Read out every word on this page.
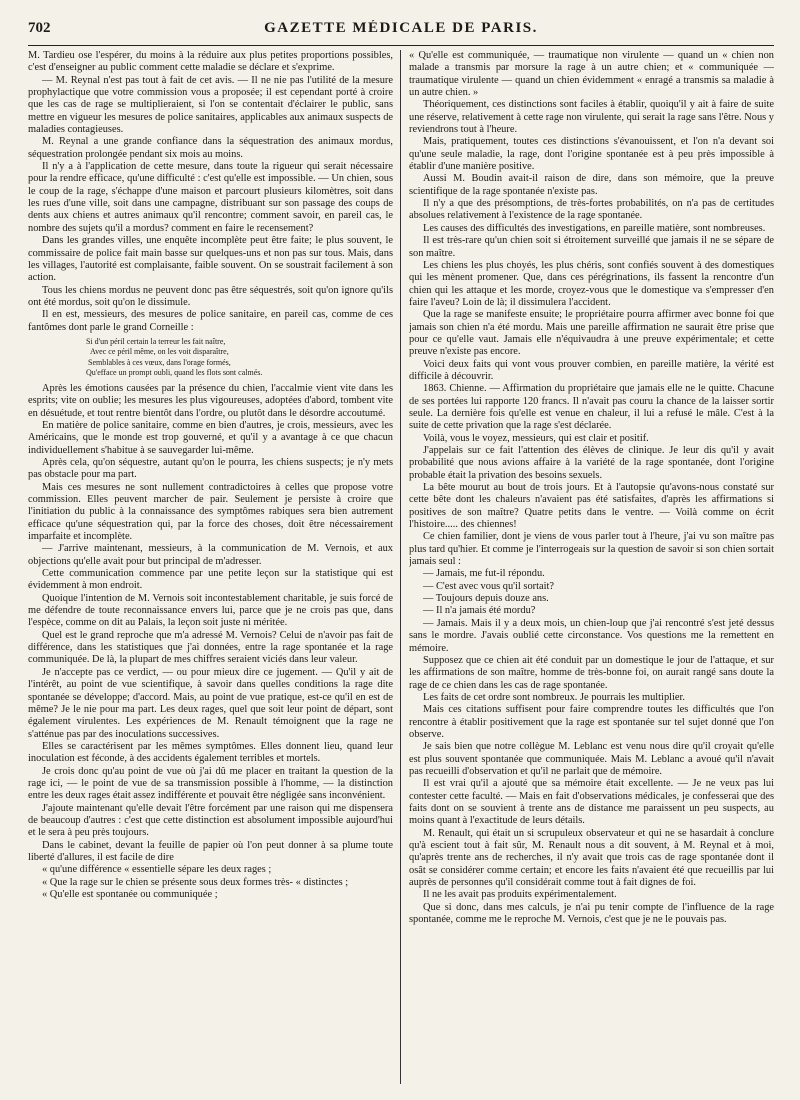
702	GAZETTE MÉDICALE DE PARIS.

M. Tardieu ose l'espérer, du moins à la réduire aux plus petites proportions possibles, c'est d'enseigner au public comment cette maladie se déclare et s'exprime.

— M. Reynal n'est pas tout à fait de cet avis. — Il ne nie pas l'utilité de la mesure prophylactique que votre commission vous a proposée; il est cependant porté à croire que les cas de rage se multiplieraient, si l'on se contentait d'éclairer le public, sans mettre en vigueur les mesures de police sanitaires, applicables aux animaux suspects de maladies contagieuses.

M. Reynal a une grande confiance dans la séquestration des animaux mordus, séquestration prolongée pendant six mois au moins.

Il n'y a à l'application de cette mesure, dans toute la rigueur qui serait nécessaire pour la rendre efficace, qu'une difficulté : c'est qu'elle est impossible. — Un chien, sous le coup de la rage, s'échappe d'une maison et parcourt plusieurs kilomètres, soit dans les rues d'une ville, soit dans une campagne, distribuant sur son passage des coups de dents aux chiens et autres animaux qu'il rencontre; comment savoir, en pareil cas, le nombre des sujets qu'il a mordus? comment en faire le recensement?

Dans les grandes villes, une enquête incomplète peut être faite; le plus souvent, le commissaire de police fait main basse sur quelques-uns et non pas sur tous. Mais, dans les villages, l'autorité est complaisante, faible souvent. On se soustrait facilement à son action.

Tous les chiens mordus ne peuvent donc pas être séquestrés, soit qu'on ignore qu'ils ont été mordus, soit qu'on le dissimule.

Il en est, messieurs, des mesures de police sanitaire, en pareil cas, comme de ces fantômes dont parle le grand Corneille :

Si d'un péril certain la terreur les fait naître,
Avec ce péril même, on les voit disparaître,
Semblables à ces vœux, dans l'orage formés,
Qu'efface un prompt oubli, quand les flots sont calmés.

Après les émotions causées par la présence du chien, l'accalmie vient vite dans les esprits; vite on oublie; les mesures les plus vigoureuses, adoptées d'abord, tombent vite en désuétude, et tout rentre bientôt dans l'ordre, ou plutôt dans le désordre accoutumé.

En matière de police sanitaire, comme en bien d'autres, je crois, messieurs, avec les Américains, que le monde est trop gouverné, et qu'il y a avantage à ce que chacun individuellement s'habitue à se sauvegarder lui-même.

Après cela, qu'on séquestre, autant qu'on le pourra, les chiens suspects; je n'y mets pas obstacle pour ma part.

Mais ces mesures ne sont nullement contradictoires à celles que propose votre commission. Elles peuvent marcher de pair. Seulement je persiste à croire que l'initiation du public à la connaissance des symptômes rabiques sera bien autrement efficace qu'une séquestration qui, par la force des choses, doit être nécessairement imparfaite et incomplète.

— J'arrive maintenant, messieurs, à la communication de M. Vernois, et aux objections qu'elle avait pour but principal de m'adresser.

Cette communication commence par une petite leçon sur la statistique qui est évidemment à mon endroit.

Quoique l'intention de M. Vernois soit incontestablement charitable, je suis forcé de me défendre de toute reconnaissance envers lui, parce que je ne crois pas que, dans l'espèce, comme on dit au Palais, la leçon soit juste ni méritée.

Quel est le grand reproche que m'a adressé M. Vernois? Celui de n'avoir pas fait de différence, dans les statistiques que j'ai données, entre la rage spontanée et la rage communiquée. De là, la plupart de mes chiffres seraient viciés dans leur valeur.

Je n'accepte pas ce verdict, — ou pour mieux dire ce jugement. — Qu'il y ait de l'intérêt, au point de vue scientifique, à savoir dans quelles conditions la rage dite spontanée se développe; d'accord. Mais, au point de vue pratique, est-ce qu'il en est de même? Je le nie pour ma part. Les deux rages, quel que soit leur point de départ, sont également virulentes. Les expériences de M. Renault témoignent que la rage ne s'atténue pas par des inoculations successives.

Elles se caractérisent par les mêmes symptômes. Elles donnent lieu, quand leur inoculation est féconde, à des accidents également terribles et mortels.

Je crois donc qu'au point de vue où j'ai dû me placer en traitant la question de la rage ici, — le point de vue de sa transmission possible à l'homme, — la distinction entre les deux rages était assez indifférente et pouvait être négligée sans inconvénient.

J'ajoute maintenant qu'elle devait l'être forcément par une raison qui me dispensera de beaucoup d'autres : c'est que cette distinction est absolument impossible aujourd'hui et le sera à peu près toujours.

Dans le cabinet, devant la feuille de papier où l'on peut donner à sa plume toute liberté d'allures, il est facile de dire

« qu'une différence « essentielle sépare les deux rages ;

« Que la rage sur le chien se présente sous deux formes très- « distinctes ;

« Qu'elle est spontanée ou communiquée ;

« Qu'elle est communiquée, — traumatique non virulente — quand un « chien non malade a transmis par morsure la rage à un autre chien; et « communiquée — traumatique virulente — quand un chien évidemment « enragé a transmis sa maladie à un autre chien. »

Théoriquement, ces distinctions sont faciles à établir, quoiqu'il y ait à faire de suite une réserve, relativement à cette rage non virulente, qui serait la rage sans l'être. Nous y reviendrons tout à l'heure.

Mais, pratiquement, toutes ces distinctions s'évanouissent, et l'on n'a devant soi qu'une seule maladie, la rage, dont l'origine spontanée est à peu près impossible à établir d'une manière positive.

Aussi M. Boudin avait-il raison de dire, dans son mémoire, que la preuve scientifique de la rage spontanée n'existe pas.

Il n'y a que des présomptions, de très-fortes probabilités, on n'a pas de certitudes absolues relativement à l'existence de la rage spontanée.

Les causes des difficultés des investigations, en pareille matière, sont nombreuses.

Il est très-rare qu'un chien soit si étroitement surveillé que jamais il ne se sépare de son maître.

Les chiens les plus choyés, les plus chéris, sont confiés souvent à des domestiques qui les mènent promener. Que, dans ces pérégrinations, ils fassent la rencontre d'un chien qui les attaque et les morde, croyez-vous que le domestique va s'empresser d'en faire l'aveu? Loin de là; il dissimulera l'accident.

Que la rage se manifeste ensuite; le propriétaire pourra affirmer avec bonne foi que jamais son chien n'a été mordu. Mais une pareille affirmation ne saurait être prise que pour ce qu'elle vaut. Jamais elle n'équivaudra à une preuve expérimentale; et cette preuve n'existe pas encore.

Voici deux faits qui vont vous prouver combien, en pareille matière, la vérité est difficile à découvrir.

1863. Chienne. — Affirmation du propriétaire que jamais elle ne le quitte. Chacune de ses portées lui rapporte 120 francs. Il n'avait pas couru la chance de la laisser sortir seule. La dernière fois qu'elle est venue en chaleur, il lui a refusé le mâle. C'est à la suite de cette privation que la rage s'est déclarée.

Voilà, vous le voyez, messieurs, qui est clair et positif.

J'appelais sur ce fait l'attention des élèves de clinique. Je leur dis qu'il y avait probabilité que nous avions affaire à la variété de la rage spontanée, dont l'origine probable était la privation des besoins sexuels.

La bête mourut au bout de trois jours. Et à l'autopsie qu'avons-nous constaté sur cette bête dont les chaleurs n'avaient pas été satisfaites, d'après les affirmations si positives de son maître? Quatre petits dans le ventre. — Voilà comme on écrit l'histoire..... des chiennes!

Ce chien familier, dont je viens de vous parler tout à l'heure, j'ai vu son maître pas plus tard qu'hier. Et comme je l'interrogeais sur la question de savoir si son chien sortait jamais seul :

— Jamais, me fut-il répondu.

— C'est avec vous qu'il sortait?

— Toujours depuis douze ans.

— Il n'a jamais été mordu?

— Jamais. Mais il y a deux mois, un chien-loup que j'ai rencontré s'est jeté dessus sans le mordre. J'avais oublié cette circonstance. Vos questions me la remettent en mémoire.

Supposez que ce chien ait été conduit par un domestique le jour de l'attaque, et sur les affirmations de son maître, homme de très-bonne foi, on aurait rangé sans doute la rage de ce chien dans les cas de rage spontanée.

Les faits de cet ordre sont nombreux. Je pourrais les multiplier.

Mais ces citations suffisent pour faire comprendre toutes les difficultés que l'on rencontre à établir positivement que la rage est spontanée sur tel sujet donné que l'on observe.

Je sais bien que notre collègue M. Leblanc est venu nous dire qu'il croyait qu'elle est plus souvent spontanée que communiquée. Mais M. Leblanc a avoué qu'il n'avait pas recueilli d'observation et qu'il ne parlait que de mémoire.

Il est vrai qu'il a ajouté que sa mémoire était excellente. — Je ne veux pas lui contester cette faculté. — Mais en fait d'observations médicales, je confesserai que des faits dont on se souvient à trente ans de distance me paraissent un peu suspects, au moins quant à l'exactitude de leurs détails.

M. Renault, qui était un si scrupuleux observateur et qui ne se hasardait à conclure qu'à escient tout à fait sûr, M. Renault nous a dit souvent, à M. Reynal et à moi, qu'après trente ans de recherches, il n'y avait que trois cas de rage spontanée dont il osât se considérer comme certain; et encore les faits n'avaient été que recueillis par lui auprès de personnes qu'il considérait comme tout à fait dignes de foi.

Il ne les avait pas produits expérimentalement.

Que si donc, dans mes calculs, je n'ai pu tenir compte de l'influence de la rage spontanée, comme me le reproche M. Vernois, c'est que je ne le pouvais pas.
